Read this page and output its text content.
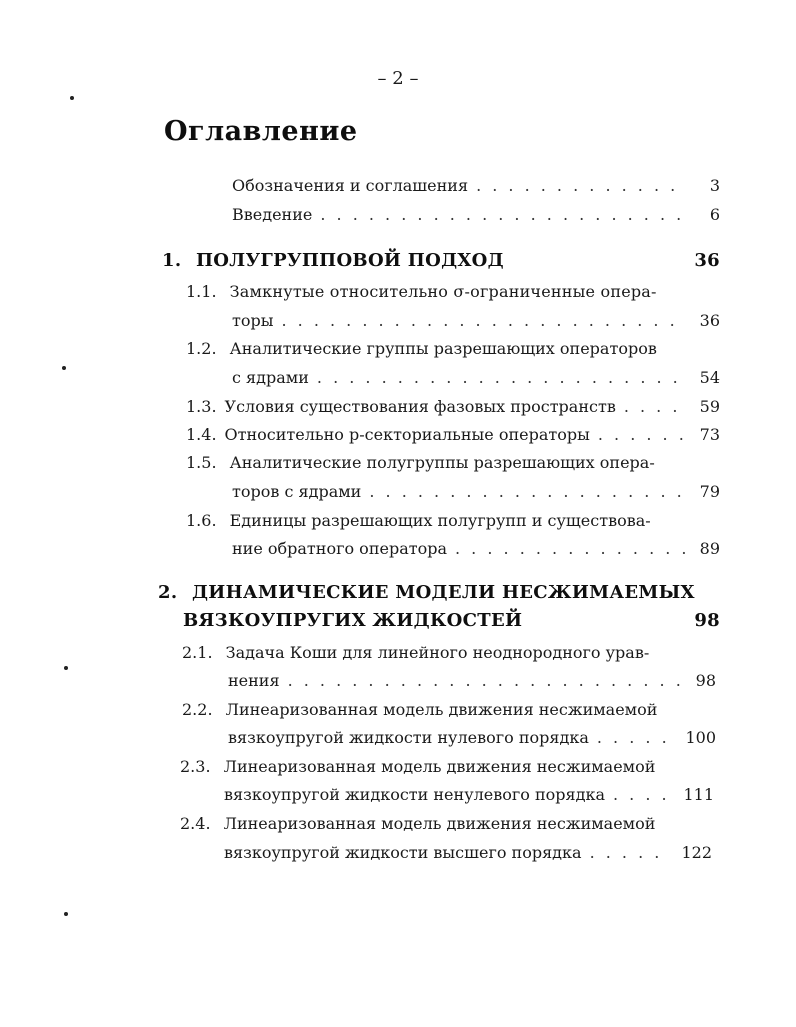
– 2 –
Оглавление
Обозначения и соглашения . . .	3
Введение . . .	6
1. ПОЛУГРУППОВОЙ ПОДХОД	36
1.1. Замкнутые относительно σ-ограниченные опера-
торы . . .	36
1.2. Аналитические группы разрешающих операторов
с ядрами . . .	54
1.3. Условия существования фазовых пространств . . .	59
1.4. Относительно p-секториальные операторы . . .	73
1.5. Аналитические полугруппы разрешающих опера-
торов с ядрами . . .	79
1.6. Единицы разрешающих полугрупп и существова-
ние обратного оператора . . .	89
2. ДИНАМИЧЕСКИЕ МОДЕЛИ НЕСЖИМАЕМЫХ
ВЯЗКОУПРУГИХ ЖИДКОСТЕЙ	98
2.1. Задача Коши для линейного неоднородного урав-
нения . . .	98
2.2. Линеаризованная модель движения несжимаемой
вязкоупругой жидкости нулевого порядка . . .	100
2.3. Линеаризованная модель движения несжимаемой
вязкоупругой жидкости ненулевого порядка . . .	111
2.4. Линеаризованная модель движения несжимаемой
вязкоупругой жидкости высшего порядка . . .	122
